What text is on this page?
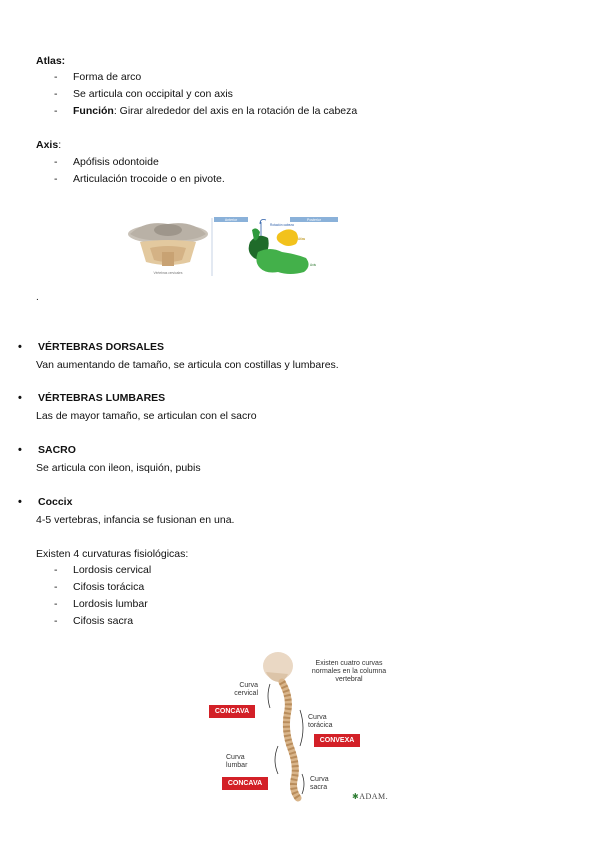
Atlas:
- Forma de arco
- Se articula con occipital y con axis
- Función: Girar alrededor del axis en la rotación de la cabeza
Axis:
- Apófisis odontoide
- Articulación trocoide o en pivote.
Vértebras cervicales
Anterior	Posterior
Rotación cabeza
Atlas
Axis
.
• VÉRTEBRAS DORSALES
Van aumentando de tamaño, se articula con costillas y lumbares.
• VÉRTEBRAS LUMBARES
Las de mayor tamaño, se articulan con el sacro
• SACRO
Se articula con ileon, isquión, pubis
• Coccix
4-5 vertebras, infancia se fusionan en una.
Existen 4 curvaturas fisiológicas:
- Lordosis cervical
- Cifosis torácica
- Lordosis lumbar
- Cifosis sacra
Existen cuatro curvas normales en la columna vertebral
Curva cervical
CONCAVA
Curva torácica
CONVEXA
Curva lumbar
CONCAVA
Curva sacra
✱ADAM.
